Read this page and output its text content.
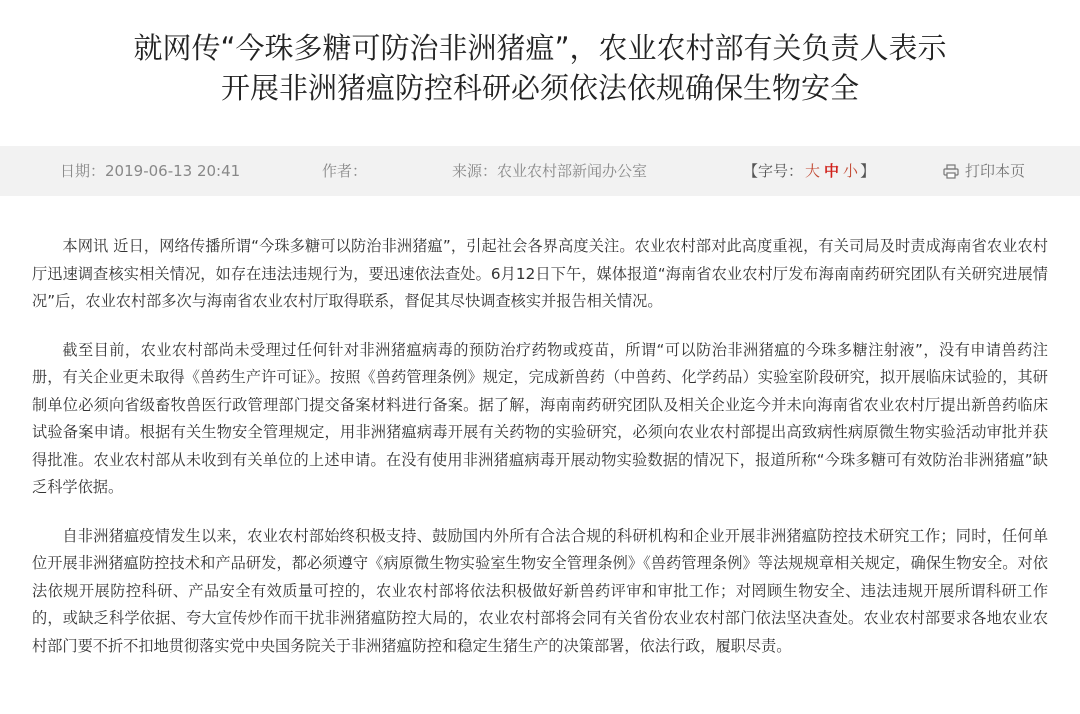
就网传“今珠多糖可防治非洲猪瘟”，农业农村部有关负责人表示
开展非洲猪瘟防控科研必须依法依规确保生物安全
日期：2019-06-13 20:41	作者：	来源：农业农村部新闻办公室	【字号： 大 中 小 】	打印本页

本网讯 近日，网络传播所谓“今珠多糖可以防治非洲猪瘟”，引起社会各界高度关注。农业农村部对此高度重视，有关司局及时责成海南省农业农村厅迅速调查核实相关情况，如存在违法违规行为，要迅速依法查处。6月12日下午，媒体报道“海南省农业农村厅发布海南南药研究团队有关研究进展情况”后，农业农村部多次与海南省农业农村厅取得联系，督促其尽快调查核实并报告相关情况。

截至目前，农业农村部尚未受理过任何针对非洲猪瘟病毒的预防治疗药物或疫苗，所谓“可以防治非洲猪瘟的今珠多糖注射液”，没有申请兽药注册，有关企业更未取得《兽药生产许可证》。按照《兽药管理条例》规定，完成新兽药（中兽药、化学药品）实验室阶段研究，拟开展临床试验的，其研制单位必须向省级畜牧兽医行政管理部门提交备案材料进行备案。据了解，海南南药研究团队及相关企业迄今并未向海南省农业农村厅提出新兽药临床试验备案申请。根据有关生物安全管理规定，用非洲猪瘟病毒开展有关药物的实验研究，必须向农业农村部提出高致病性病原微生物实验活动审批并获得批准。农业农村部从未收到有关单位的上述申请。在没有使用非洲猪瘟病毒开展动物实验数据的情况下，报道所称“今珠多糖可有效防治非洲猪瘟”缺乏科学依据。

自非洲猪瘟疫情发生以来，农业农村部始终积极支持、鼓励国内外所有合法合规的科研机构和企业开展非洲猪瘟防控技术研究工作；同时，任何单位开展非洲猪瘟防控技术和产品研发，都必须遵守《病原微生物实验室生物安全管理条例》《兽药管理条例》等法规规章相关规定，确保生物安全。对依法依规开展防控科研、产品安全有效质量可控的，农业农村部将依法积极做好新兽药评审和审批工作；对罔顾生物安全、违法违规开展所谓科研工作的，或缺乏科学依据、夸大宣传炒作而干扰非洲猪瘟防控大局的，农业农村部将会同有关省份农业农村部门依法坚决查处。农业农村部要求各地农业农村部门要不折不扣地贯彻落实党中央国务院关于非洲猪瘟防控和稳定生猪生产的决策部署，依法行政，履职尽责。
